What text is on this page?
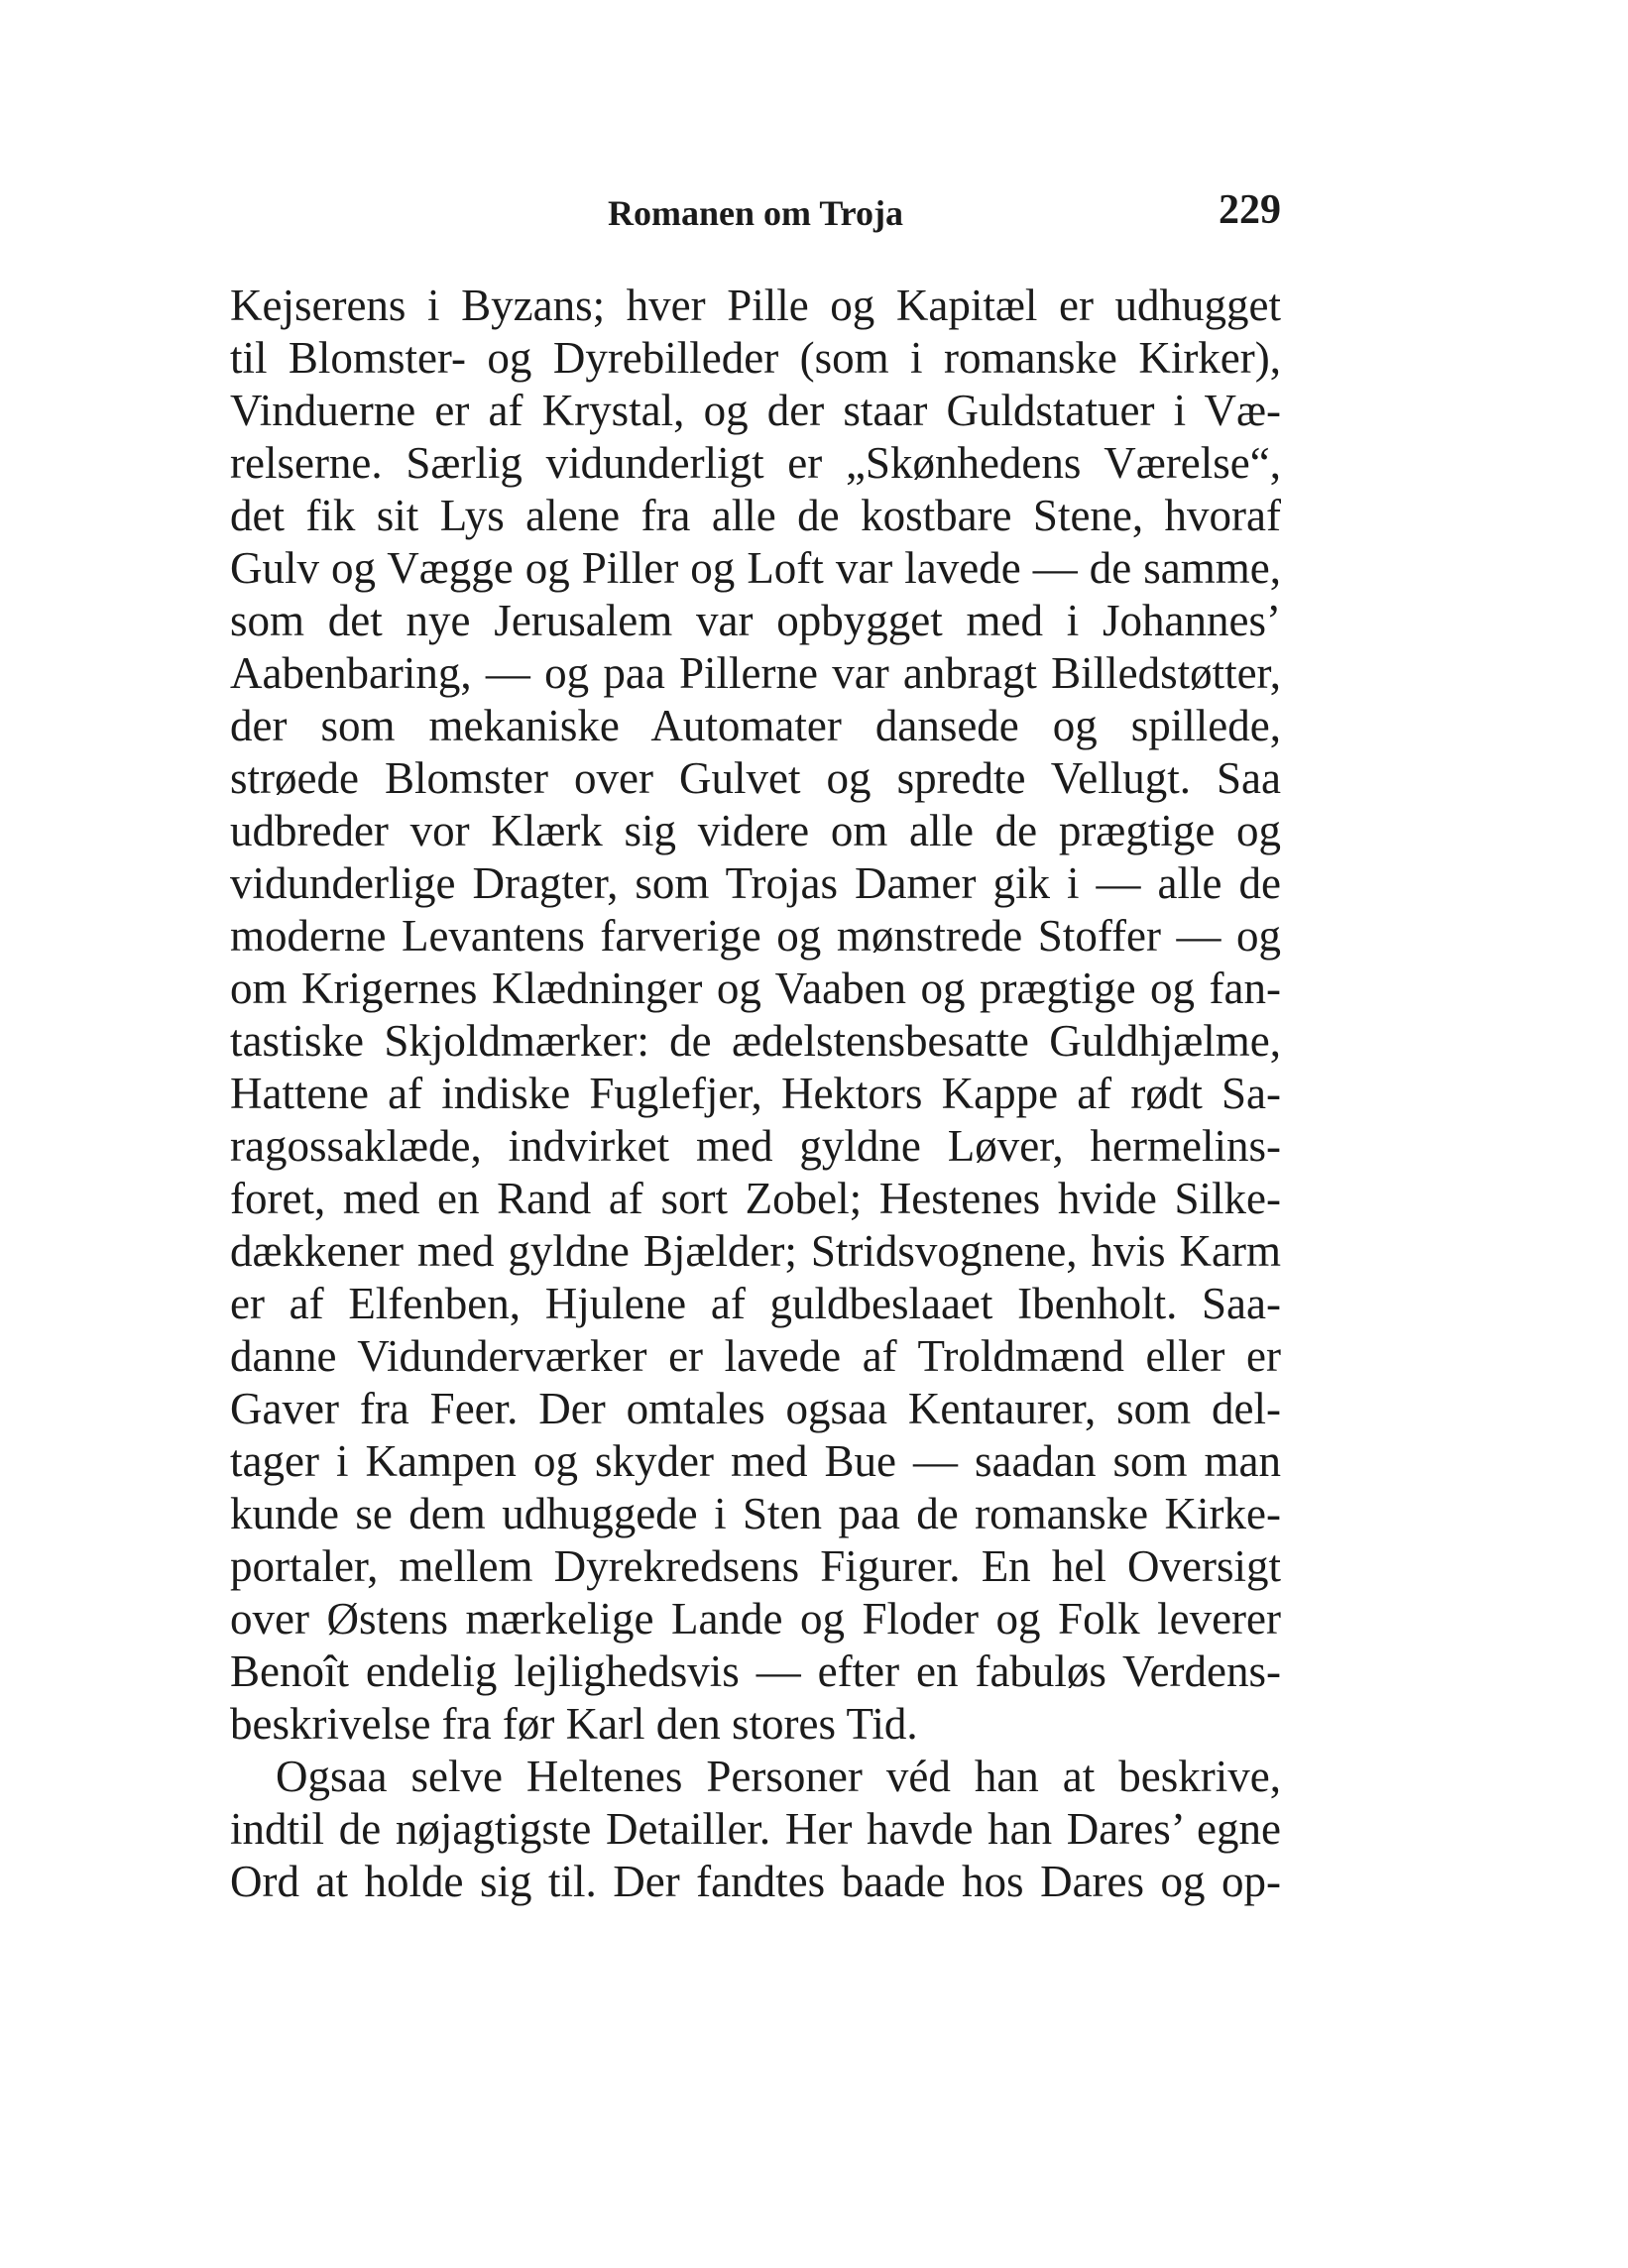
Romanen om Troja	229
Kejserens i Byzans; hver Pille og Kapitæl er udhugget
til Blomster- og Dyrebilleder (som i romanske Kirker),
Vinduerne er af Krystal, og der staar Guldstatuer i Væ-
relserne. Særlig vidunderligt er „Skønhedens Værelse“,
det fik sit Lys alene fra alle de kostbare Stene, hvoraf
Gulv og Vægge og Piller og Loft var lavede — de samme,
som det nye Jerusalem var opbygget med i Johannes’
Aabenbaring, — og paa Pillerne var anbragt Billedstøtter,
der som mekaniske Automater dansede og spillede,
strøede Blomster over Gulvet og spredte Vellugt. Saa
udbreder vor Klærk sig videre om alle de prægtige og
vidunderlige Dragter, som Trojas Damer gik i — alle de
moderne Levantens farverige og mønstrede Stoffer — og
om Krigernes Klædninger og Vaaben og prægtige og fan-
tastiske Skjoldmærker: de ædelstensbesatte Guldhjælme,
Hattene af indiske Fuglefjer, Hektors Kappe af rødt Sa-
ragossaklæde, indvirket med gyldne Løver, hermelins-
foret, med en Rand af sort Zobel; Hestenes hvide Silke-
dækkener med gyldne Bjælder; Stridsvognene, hvis Karm
er af Elfenben, Hjulene af guldbeslaaet Ibenholt. Saa-
danne Vidunderværker er lavede af Troldmænd eller er
Gaver fra Feer. Der omtales ogsaa Kentaurer, som del-
tager i Kampen og skyder med Bue — saadan som man
kunde se dem udhuggede i Sten paa de romanske Kirke-
portaler, mellem Dyrekredsens Figurer. En hel Oversigt
over Østens mærkelige Lande og Floder og Folk leverer
Benoît endelig lejlighedsvis — efter en fabuløs Verdens-
beskrivelse fra før Karl den stores Tid.
Ogsaa selve Heltenes Personer véd han at beskrive,
indtil de nøjagtigste Detailler. Her havde han Dares’ egne
Ord at holde sig til. Der fandtes baade hos Dares og op-
